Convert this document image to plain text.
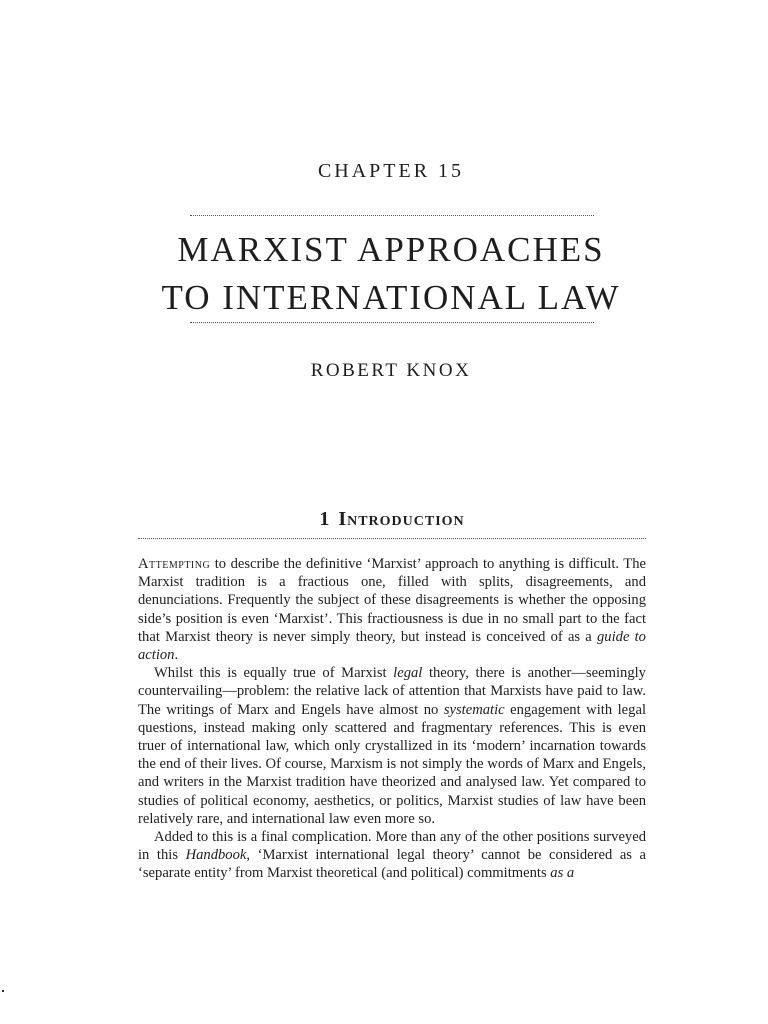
CHAPTER 15
MARXIST APPROACHES
TO INTERNATIONAL LAW
ROBERT KNOX
1 Introduction

Attempting to describe the definitive ‘Marxist’ approach to anything is difficult. The Marxist tradition is a fractious one, filled with splits, disagreements, and denunciations. Frequently the subject of these disagreements is whether the opposing side’s position is even ‘Marxist’. This fractiousness is due in no small part to the fact that Marxist theory is never simply theory, but instead is conceived of as a guide to action.

Whilst this is equally true of Marxist legal theory, there is another—seemingly countervailing—problem: the relative lack of attention that Marxists have paid to law. The writings of Marx and Engels have almost no systematic engagement with legal questions, instead making only scattered and fragmentary references. This is even truer of international law, which only crystallized in its ‘modern’ incarnation towards the end of their lives. Of course, Marxism is not simply the words of Marx and Engels, and writers in the Marxist tradition have theorized and analysed law. Yet compared to studies of political economy, aesthetics, or politics, Marxist studies of law have been relatively rare, and international law even more so.

Added to this is a final complication. More than any of the other positions surveyed in this Handbook, ‘Marxist international legal theory’ cannot be considered as a ‘separate entity’ from Marxist theoretical (and political) commitments as a
